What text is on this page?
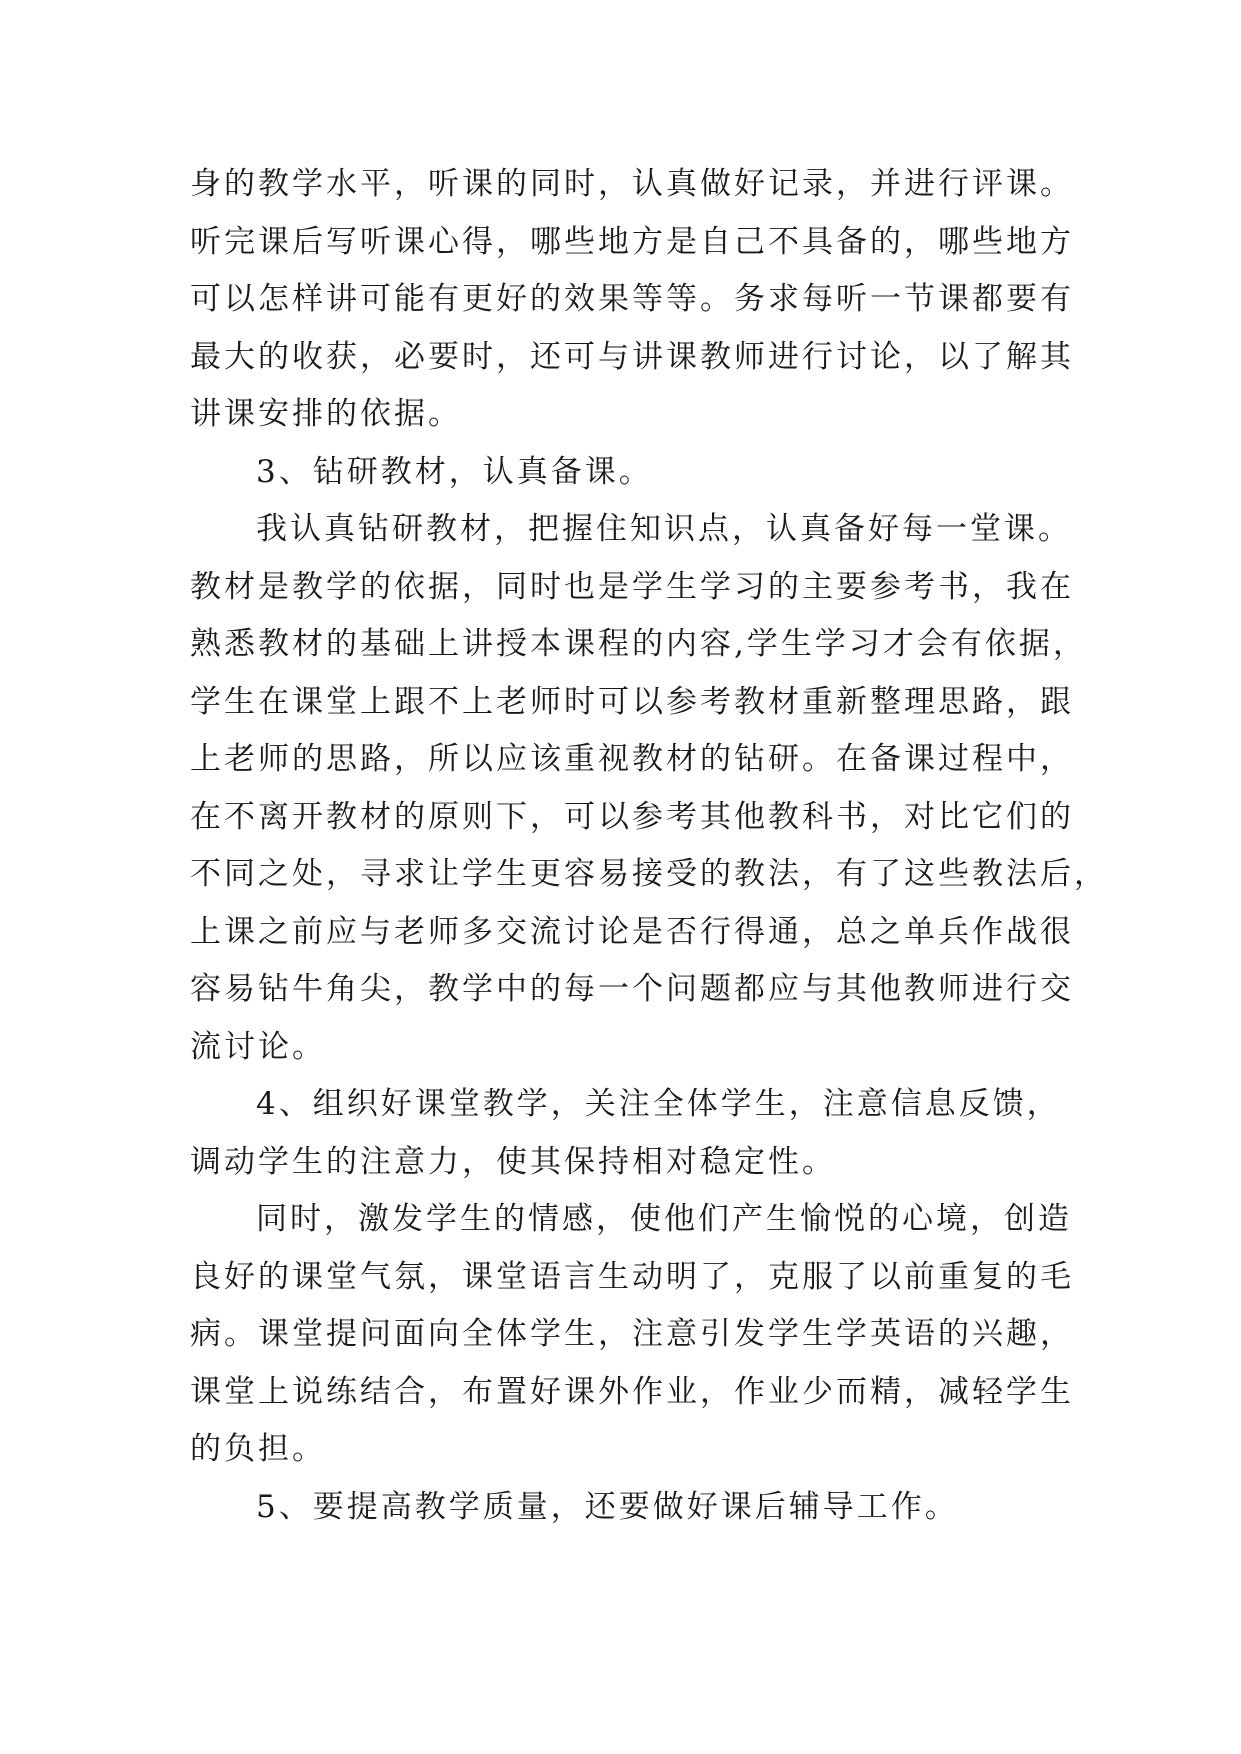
身的教学水平，听课的同时，认真做好记录，并进行评课。
听完课后写听课心得，哪些地方是自己不具备的，哪些地方
可以怎样讲可能有更好的效果等等。务求每听一节课都要有
最大的收获，必要时，还可与讲课教师进行讨论，以了解其
讲课安排的依据。
3、钻研教材，认真备课。
我认真钻研教材，把握住知识点，认真备好每一堂课。
教材是教学的依据，同时也是学生学习的主要参考书，我在
熟悉教材的基础上讲授本课程的内容,学生学习才会有依据，
学生在课堂上跟不上老师时可以参考教材重新整理思路，跟
上老师的思路，所以应该重视教材的钻研。在备课过程中，
在不离开教材的原则下，可以参考其他教科书，对比它们的
不同之处，寻求让学生更容易接受的教法，有了这些教法后，
上课之前应与老师多交流讨论是否行得通，总之单兵作战很
容易钻牛角尖，教学中的每一个问题都应与其他教师进行交
流讨论。
4、组织好课堂教学，关注全体学生，注意信息反馈，
调动学生的注意力，使其保持相对稳定性。
同时，激发学生的情感，使他们产生愉悦的心境，创造
良好的课堂气氛，课堂语言生动明了，克服了以前重复的毛
病。课堂提问面向全体学生，注意引发学生学英语的兴趣，
课堂上说练结合，布置好课外作业，作业少而精，减轻学生
的负担。
5、要提高教学质量，还要做好课后辅导工作。
